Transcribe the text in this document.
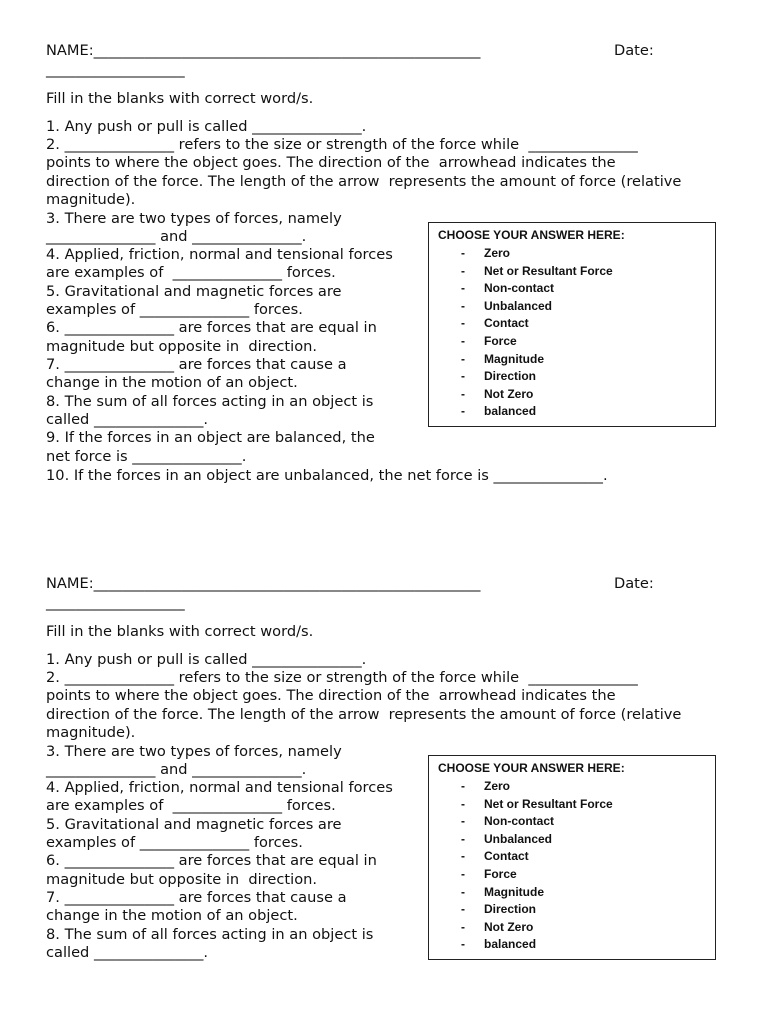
NAME:_____________________________________________________	Date:
___________________
Fill in the blanks with correct word/s.
1. Any push or pull is called _______________.
2. _______________ refers to the size or strength of the force while  _______________
points to where the object goes. The direction of the  arrowhead indicates the
direction of the force. The length of the arrow  represents the amount of force (relative
magnitude).
3. There are two types of forces, namely
_______________ and _______________.
4. Applied, friction, normal and tensional forces
are examples of  _______________ forces.
5. Gravitational and magnetic forces are
examples of _______________ forces.
6. _______________ are forces that are equal in
magnitude but opposite in  direction.
7. _______________ are forces that cause a
change in the motion of an object.
8. The sum of all forces acting in an object is
called _______________.
9. If the forces in an object are balanced, the
net force is _______________.
10. If the forces in an object are unbalanced, the net force is _______________.
CHOOSE YOUR ANSWER HERE:
- Zero
- Net or Resultant Force
- Non-contact
- Unbalanced
- Contact
- Force
- Magnitude
- Direction
- Not Zero
- balanced
NAME:_____________________________________________________	Date:
___________________
Fill in the blanks with correct word/s.
1. Any push or pull is called _______________.
2. _______________ refers to the size or strength of the force while  _______________
points to where the object goes. The direction of the  arrowhead indicates the
direction of the force. The length of the arrow  represents the amount of force (relative
magnitude).
3. There are two types of forces, namely
_______________ and _______________.
4. Applied, friction, normal and tensional forces
are examples of  _______________ forces.
5. Gravitational and magnetic forces are
examples of _______________ forces.
6. _______________ are forces that are equal in
magnitude but opposite in  direction.
7. _______________ are forces that cause a
change in the motion of an object.
8. The sum of all forces acting in an object is
called _______________.
CHOOSE YOUR ANSWER HERE:
- Zero
- Net or Resultant Force
- Non-contact
- Unbalanced
- Contact
- Force
- Magnitude
- Direction
- Not Zero
- balanced
